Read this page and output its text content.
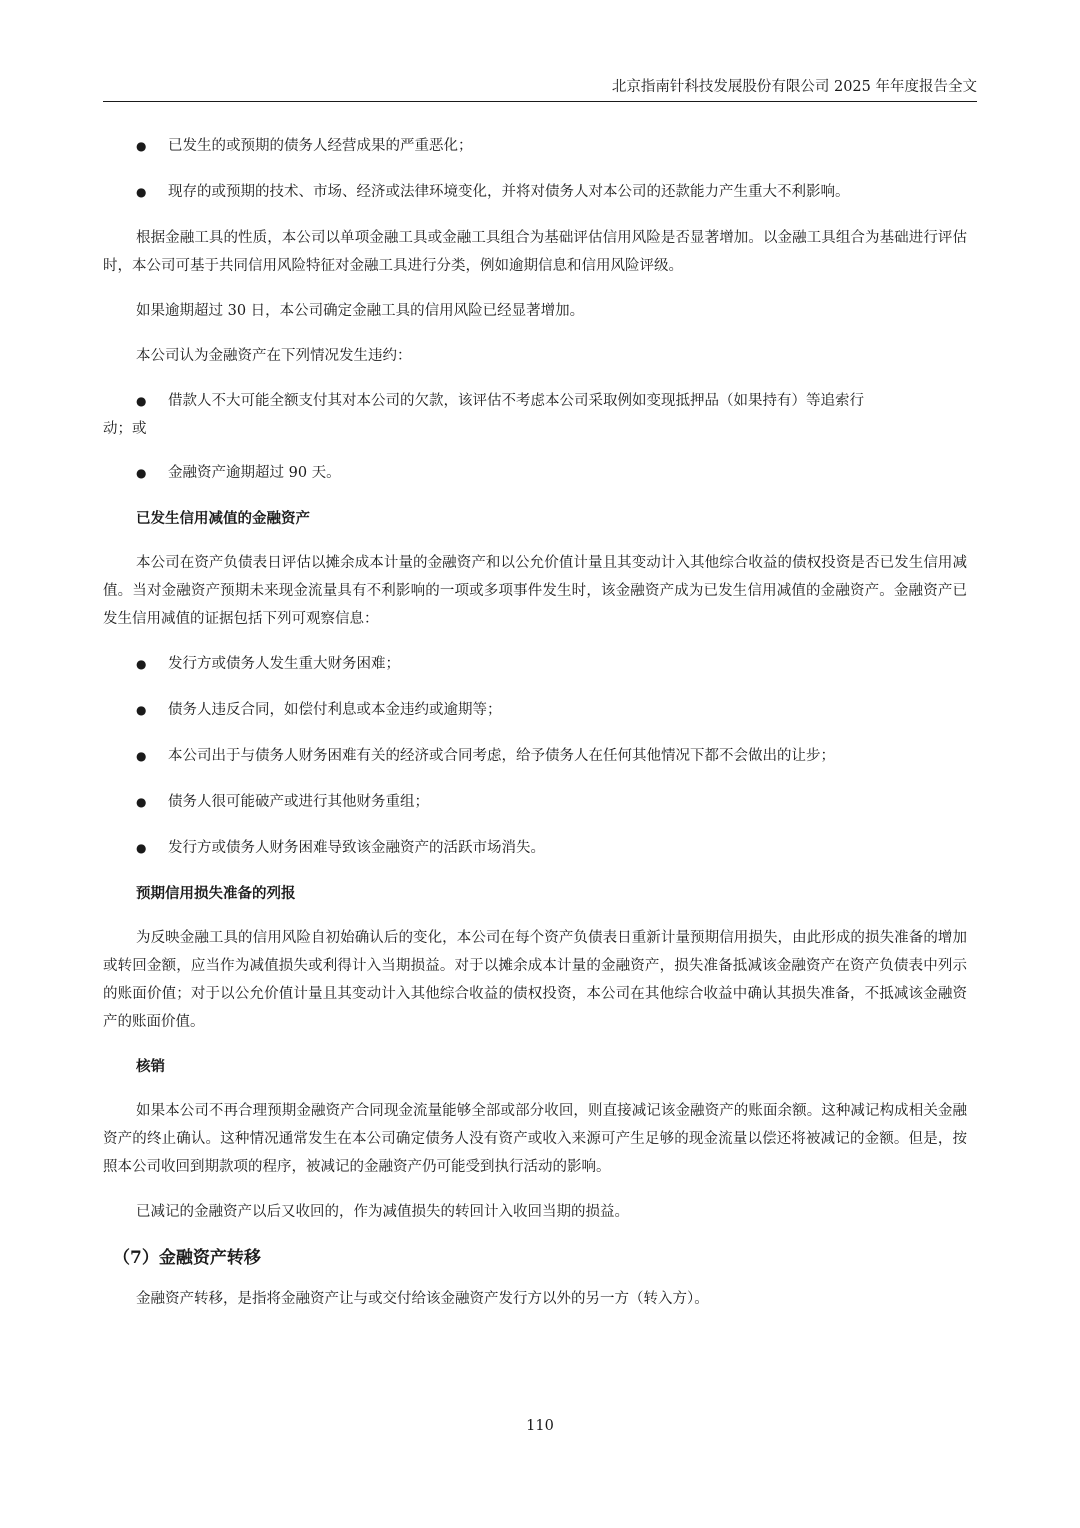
北京指南针科技发展股份有限公司 2025 年年度报告全文
● 已发生的或预期的债务人经营成果的严重恶化；
● 现存的或预期的技术、市场、经济或法律环境变化，并将对债务人对本公司的还款能力产生重大不利影响。

根据金融工具的性质，本公司以单项金融工具或金融工具组合为基础评估信用风险是否显著增加。以金融工具组合为基础进行评估时，本公司可基于共同信用风险特征对金融工具进行分类，例如逾期信息和信用风险评级。

如果逾期超过 30 日，本公司确定金融工具的信用风险已经显著增加。

本公司认为金融资产在下列情况发生违约：

● 借款人不大可能全额支付其对本公司的欠款，该评估不考虑本公司采取例如变现抵押品（如果持有）等追索行
动；或
● 金融资产逾期超过 90 天。
已发生信用减值的金融资产

本公司在资产负债表日评估以摊余成本计量的金融资产和以公允价值计量且其变动计入其他综合收益的债权投资是否已发生信用减值。当对金融资产预期未来现金流量具有不利影响的一项或多项事件发生时，该金融资产成为已发生信用减值的金融资产。金融资产已发生信用减值的证据包括下列可观察信息：

● 发行方或债务人发生重大财务困难；
● 债务人违反合同，如偿付利息或本金违约或逾期等；
● 本公司出于与债务人财务困难有关的经济或合同考虑，给予债务人在任何其他情况下都不会做出的让步；
● 债务人很可能破产或进行其他财务重组；
● 发行方或债务人财务困难导致该金融资产的活跃市场消失。
预期信用损失准备的列报

为反映金融工具的信用风险自初始确认后的变化，本公司在每个资产负债表日重新计量预期信用损失，由此形成的损失准备的增加或转回金额，应当作为减值损失或利得计入当期损益。对于以摊余成本计量的金融资产，损失准备抵减该金融资产在资产负债表中列示的账面价值；对于以公允价值计量且其变动计入其他综合收益的债权投资，本公司在其他综合收益中确认其损失准备，不抵减该金融资产的账面价值。

核销

如果本公司不再合理预期金融资产合同现金流量能够全部或部分收回，则直接减记该金融资产的账面余额。这种减记构成相关金融资产的终止确认。这种情况通常发生在本公司确定债务人没有资产或收入来源可产生足够的现金流量以偿还将被减记的金额。但是，按照本公司收回到期款项的程序，被减记的金融资产仍可能受到执行活动的影响。

已减记的金融资产以后又收回的，作为减值损失的转回计入收回当期的损益。

（7）金融资产转移

金融资产转移，是指将金融资产让与或交付给该金融资产发行方以外的另一方（转入方）。

110
